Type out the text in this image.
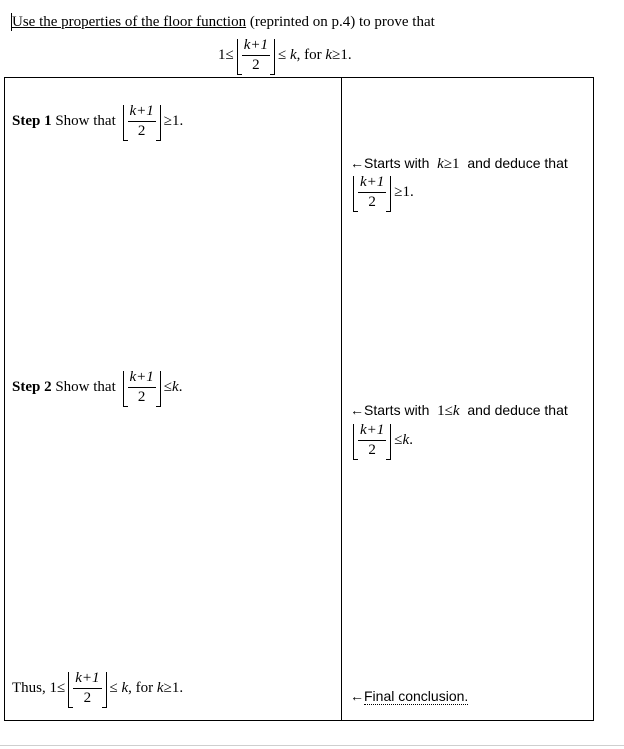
Use the properties of the floor function (reprinted on p.4) to prove that
$1 \le \frac{k+1}{2}$ ≤
k , for
k ≥ 1 .
Step 1 Show that $\frac{k+1}{2} \ge 1$ .
←Starts with k ≥ 1 and deduce that
$\frac{k+1}{2} \ge 1$ .
Step 2 Show that $\frac{k+1}{2} \le k$ .
←Starts with 1 ≤ k and deduce that
$\frac{k+1}{2} \le k$ .
Thus, $1 \le \frac{k+1}{2}$ ≤
k , for
k ≥ 1 .	←Final conclusion.
